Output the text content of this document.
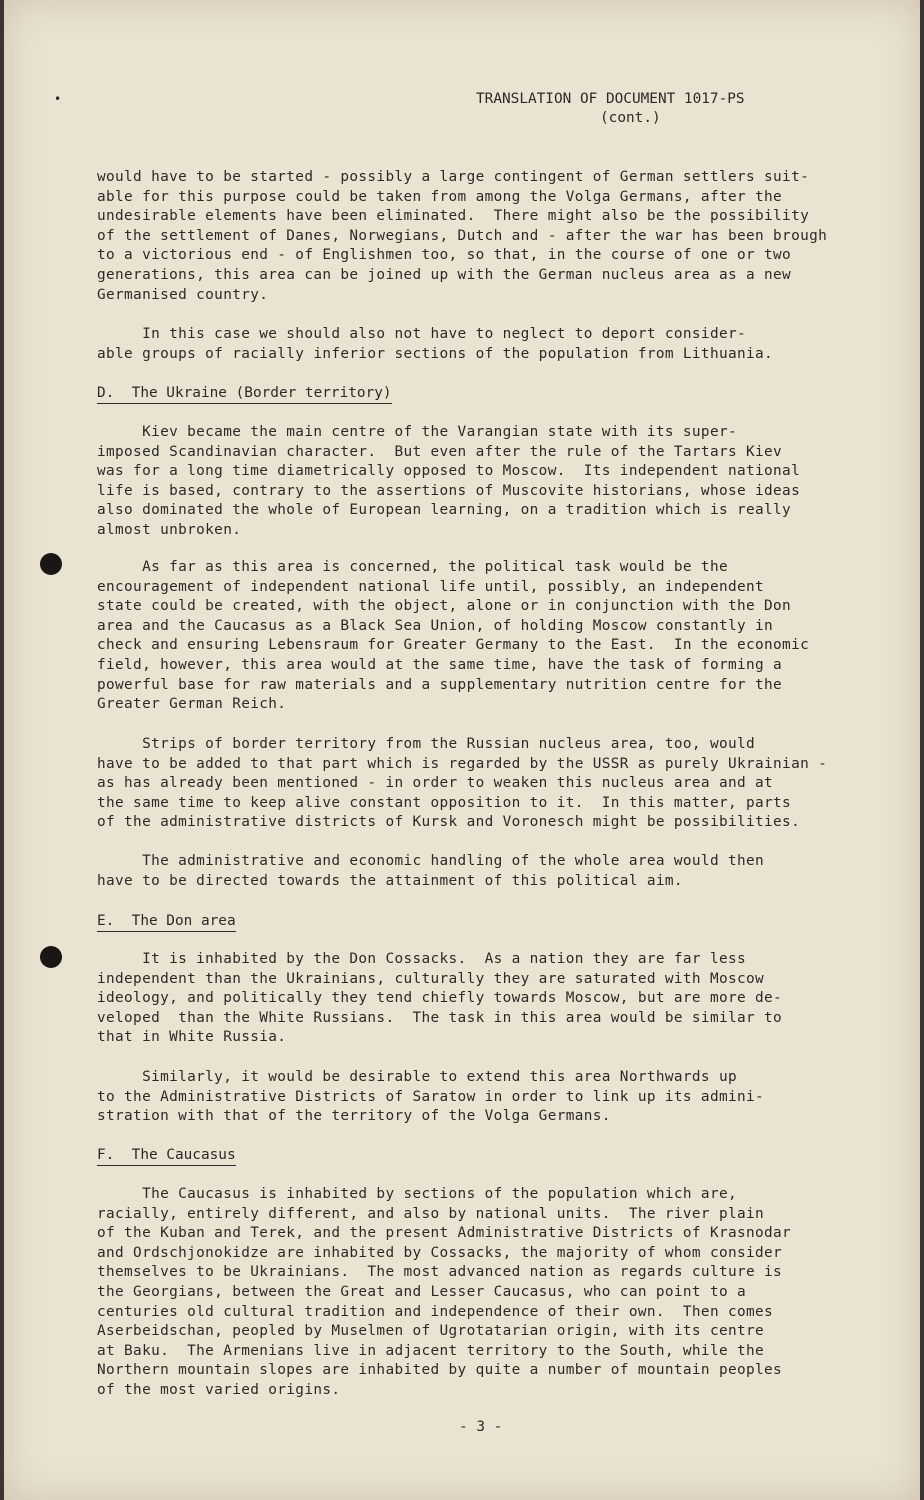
•	TRANSLATION OF DOCUMENT 1017-PS
(cont.)
would have to be started - possibly a large contingent of German settlers suit-
able for this purpose could be taken from among the Volga Germans, after the
undesirable elements have been eliminated.  There might also be the possibility
of the settlement of Danes, Norwegians, Dutch and - after the war has been brough
to a victorious end - of Englishmen too, so that, in the course of one or two
generations, this area can be joined up with the German nucleus area as a new
Germanised country.
In this case we should also not have to neglect to deport consider-
able groups of racially inferior sections of the population from Lithuania.
D.  The Ukraine (Border territory)
Kiev became the main centre of the Varangian state with its super-
imposed Scandinavian character.  But even after the rule of the Tartars Kiev
was for a long time diametrically opposed to Moscow.  Its independent national
life is based, contrary to the assertions of Muscovite historians, whose ideas
also dominated the whole of European learning, on a tradition which is really
almost unbroken.
As far as this area is concerned, the political task would be the
encouragement of independent national life until, possibly, an independent
state could be created, with the object, alone or in conjunction with the Don
area and the Caucasus as a Black Sea Union, of holding Moscow constantly in
check and ensuring Lebensraum for Greater Germany to the East.  In the economic
field, however, this area would at the same time, have the task of forming a
powerful base for raw materials and a supplementary nutrition centre for the
Greater German Reich.
Strips of border territory from the Russian nucleus area, too, would
have to be added to that part which is regarded by the USSR as purely Ukrainian -
as has already been mentioned - in order to weaken this nucleus area and at
the same time to keep alive constant opposition to it.  In this matter, parts
of the administrative districts of Kursk and Voronesch might be possibilities.
The administrative and economic handling of the whole area would then
have to be directed towards the attainment of this political aim.
E.  The Don area
It is inhabited by the Don Cossacks.  As a nation they are far less
independent than the Ukrainians, culturally they are saturated with Moscow
ideology, and politically they tend chiefly towards Moscow, but are more de-
veloped  than the White Russians.  The task in this area would be similar to
that in White Russia.
Similarly, it would be desirable to extend this area Northwards up
to the Administrative Districts of Saratow in order to link up its admini-
stration with that of the territory of the Volga Germans.
F.  The Caucasus
The Caucasus is inhabited by sections of the population which are,
racially, entirely different, and also by national units.  The river plain
of the Kuban and Terek, and the present Administrative Districts of Krasnodar
and Ordschjonokidze are inhabited by Cossacks, the majority of whom consider
themselves to be Ukrainians.  The most advanced nation as regards culture is
the Georgians, between the Great and Lesser Caucasus, who can point to a
centuries old cultural tradition and independence of their own.  Then comes
Aserbeidschan, peopled by Muselmen of Ugrotatarian origin, with its centre
at Baku.  The Armenians live in adjacent territory to the South, while the
Northern mountain slopes are inhabited by quite a number of mountain peoples
of the most varied origins.
- 3 -
